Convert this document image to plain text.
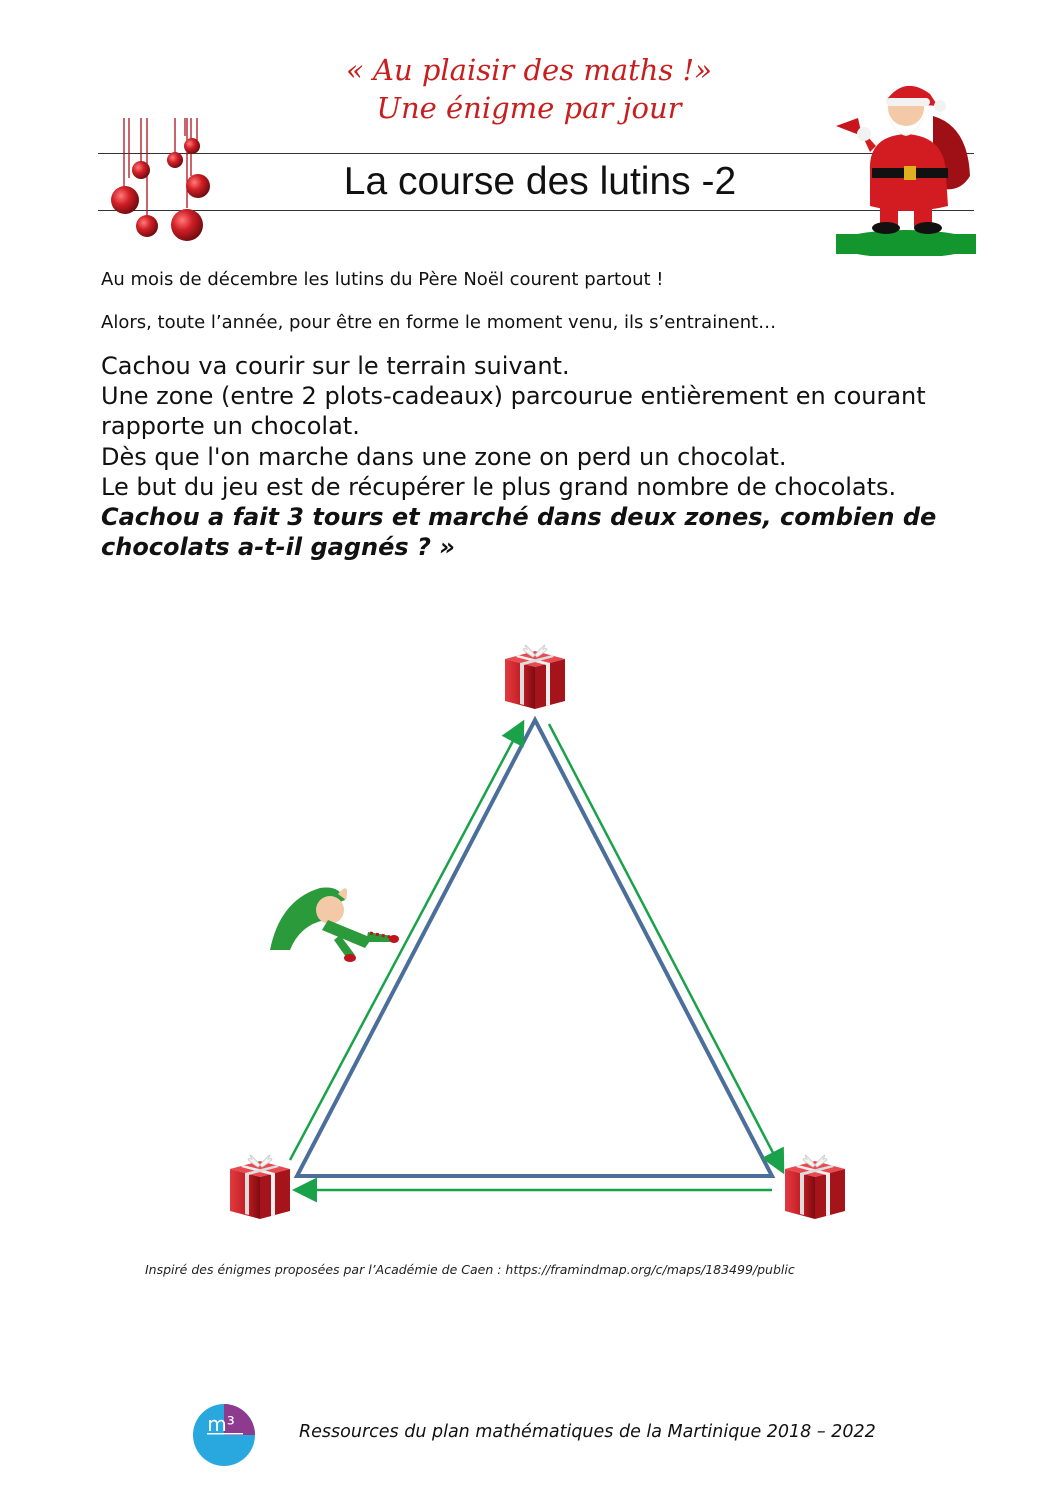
« Au plaisir des maths !»
Une énigme par jour
La course des lutins -2
Au mois de décembre les lutins du Père Noël courent partout !
Alors, toute l’année, pour être en forme le moment venu, ils s’entrainent…

Cachou va courir sur le terrain suivant.

Une zone (entre 2 plots-cadeaux) parcourue entièrement en courant rapporte un chocolat.

Dès que l'on marche dans une zone on perd un chocolat.

Le but du jeu est de récupérer le plus grand nombre de chocolats.

Cachou a fait 3 tours et marché dans deux zones, combien de chocolats a-t-il gagnés ? »

Inspiré des énigmes proposées par l’Académie de Caen : https://framindmap.org/c/maps/183499/public
m³	Ressources du plan mathématiques de la Martinique 2018 – 2022
